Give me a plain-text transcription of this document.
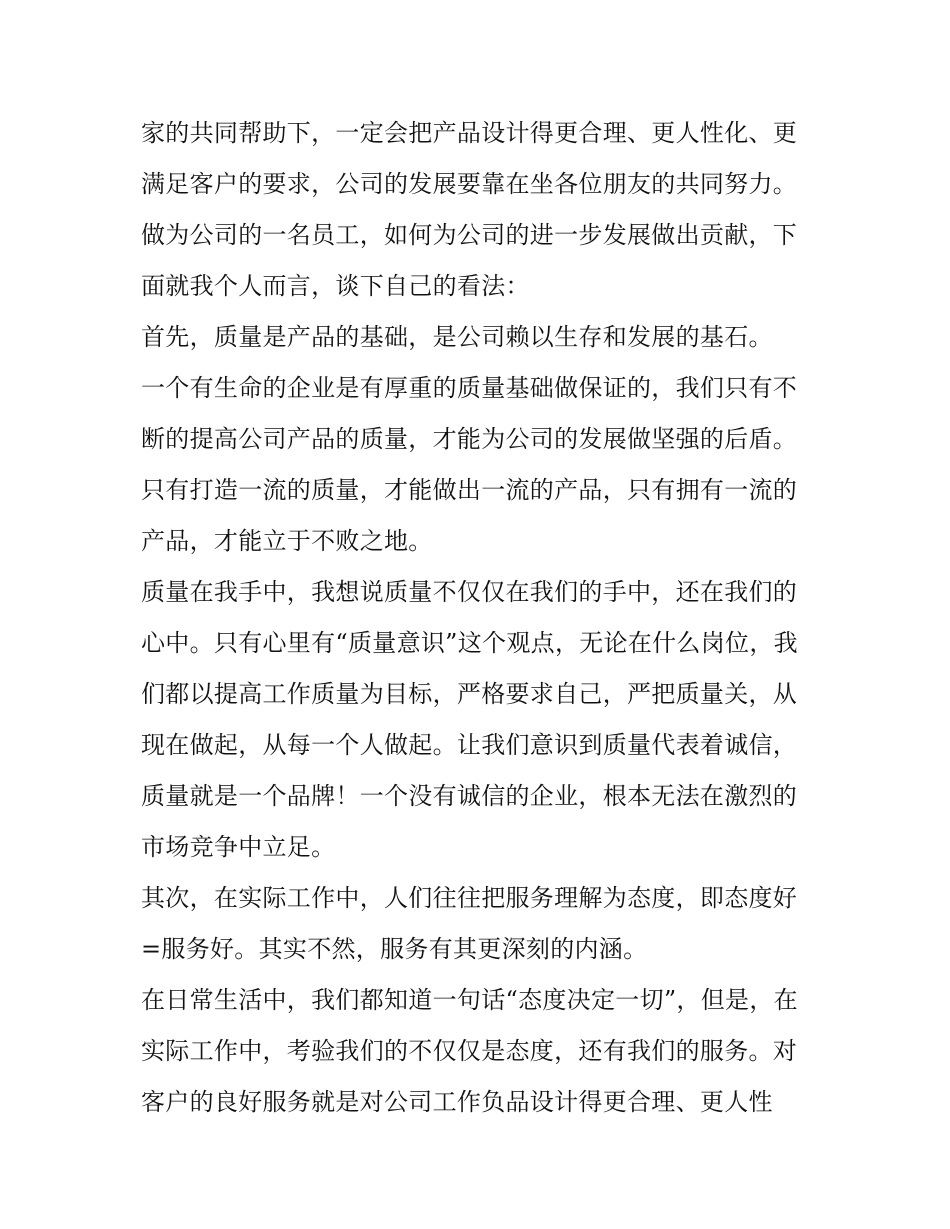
家的共同帮助下，一定会把产品设计得更合理、更人性化、更
满足客户的要求，公司的发展要靠在坐各位朋友的共同努力。
做为公司的一名员工，如何为公司的进一步发展做出贡献，下
面就我个人而言，谈下自己的看法：
首先，质量是产品的基础，是公司赖以生存和发展的基石。
一个有生命的企业是有厚重的质量基础做保证的，我们只有不
断的提高公司产品的质量，才能为公司的发展做坚强的后盾。
只有打造一流的质量，才能做出一流的产品，只有拥有一流的
产品，才能立于不败之地。
质量在我手中，我想说质量不仅仅在我们的手中，还在我们的
心中。只有心里有“质量意识”这个观点，无论在什么岗位，我
们都以提高工作质量为目标，严格要求自己，严把质量关，从
现在做起，从每一个人做起。让我们意识到质量代表着诚信，
质量就是一个品牌！一个没有诚信的企业，根本无法在激烈的
市场竞争中立足。
其次，在实际工作中，人们往往把服务理解为态度，即态度好
=服务好。其实不然，服务有其更深刻的内涵。
在日常生活中，我们都知道一句话“态度决定一切”，但是，在
实际工作中，考验我们的不仅仅是态度，还有我们的服务。对
客户的良好服务就是对公司工作负品设计得更合理、更人性
